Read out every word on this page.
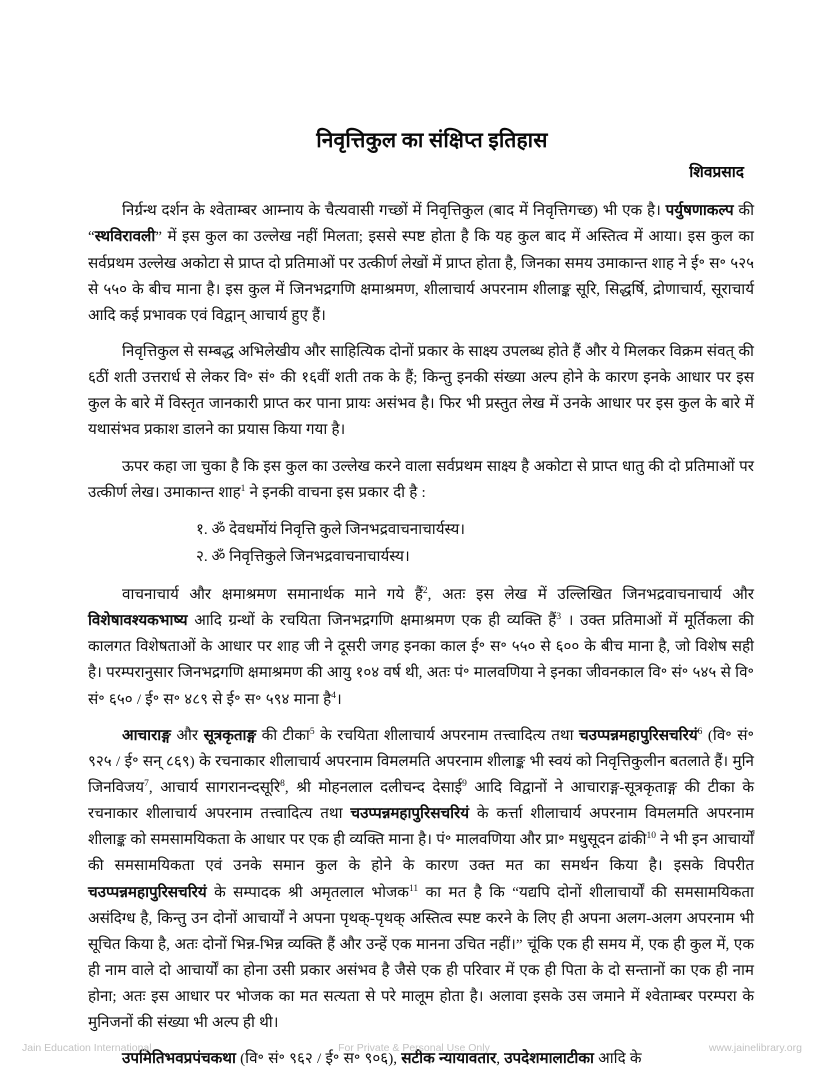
निवृत्तिकुल का संक्षिप्त इतिहास
शिवप्रसाद

निर्ग्रन्थ दर्शन के श्वेताम्बर आम्नाय के चैत्यवासी गच्छों में निवृत्तिकुल (बाद में निवृत्तिगच्छ) भी एक है। पर्युषणाकल्प की “स्थविरावली” में इस कुल का उल्लेख नहीं मिलता; इससे स्पष्ट होता है कि यह कुल बाद में अस्तित्व में आया। इस कुल का सर्वप्रथम उल्लेख अकोटा से प्राप्त दो प्रतिमाओं पर उत्कीर्ण लेखों में प्राप्त होता है, जिनका समय उमाकान्त शाह ने ई॰ स॰ ५२५ से ५५० के बीच माना है। इस कुल में जिनभद्रगणि क्षमाश्रमण, शीलाचार्य अपरनाम शीलाङ्क सूरि, सिद्धर्षि, द्रोणाचार्य, सूराचार्य आदि कई प्रभावक एवं विद्वान् आचार्य हुए हैं।

निवृत्तिकुल से सम्बद्ध अभिलेखीय और साहित्यिक दोनों प्रकार के साक्ष्य उपलब्ध होते हैं और ये मिलकर विक्रम संवत् की ६ठीं शती उत्तरार्ध से लेकर वि॰ सं॰ की १६वीं शती तक के हैं; किन्तु इनकी संख्या अल्प होने के कारण इनके आधार पर इस कुल के बारे में विस्तृत जानकारी प्राप्त कर पाना प्रायः असंभव है। फिर भी प्रस्तुत लेख में उनके आधार पर इस कुल के बारे में यथासंभव प्रकाश डालने का प्रयास किया गया है।

ऊपर कहा जा चुका है कि इस कुल का उल्लेख करने वाला सर्वप्रथम साक्ष्य है अकोटा से प्राप्त धातु की दो प्रतिमाओं पर उत्कीर्ण लेख। उमाकान्त शाह$^1$ ने इनकी वाचना इस प्रकार दी है :

१. ॐ देवधर्मोयं निवृत्ति कुले जिनभद्रवाचनाचार्यस्य।
२. ॐ निवृत्तिकुले जिनभद्रवाचनाचार्यस्य।

वाचनाचार्य और क्षमाश्रमण समानार्थक माने गये हैं$^2$, अतः इस लेख में उल्लिखित जिनभद्रवाचनाचार्य और विशेषावश्यकभाष्य आदि ग्रन्थों के रचयिता जिनभद्रगणि क्षमाश्रमण एक ही व्यक्ति हैं$^3$ । उक्त प्रतिमाओं में मूर्तिकला की कालगत विशेषताओं के आधार पर शाह जी ने दूसरी जगह इनका काल ई॰ स॰ ५५० से ६०० के बीच माना है, जो विशेष सही है। परम्परानुसार जिनभद्रगणि क्षमाश्रमण की आयु १०४ वर्ष थी, अतः पं॰ मालवणिया ने इनका जीवनकाल वि॰ सं॰ ५४५ से वि॰ सं॰ ६५० / ई॰ स॰ ४८९ से ई॰ स॰ ५९४ माना है$^4$।

आचाराङ्ग और सूत्रकृताङ्ग की टीका$^5$ के रचयिता शीलाचार्य अपरनाम तत्त्वादित्य तथा चउप्पन्नमहापुरिसचरियं$^6$ (वि॰ सं॰ ९२५ / ई॰ सन् ८६९) के रचनाकार शीलाचार्य अपरनाम विमलमति अपरनाम शीलाङ्क भी स्वयं को निवृत्तिकुलीन बतलाते हैं। मुनि जिनविजय$^7$, आचार्य सागरानन्दसूरि$^8$, श्री मोहनलाल दलीचन्द देसाई$^9$ आदि विद्वानों ने आचाराङ्ग-सूत्रकृताङ्ग की टीका के रचनाकार शीलाचार्य अपरनाम तत्त्वादित्य तथा चउप्पन्नमहापुरिसचरियं के कर्त्ता शीलाचार्य अपरनाम विमलमति अपरनाम शीलाङ्क को समसामयिकता के आधार पर एक ही व्यक्ति माना है। पं॰ मालवणिया और प्रा॰ मधुसूदन ढांकी$^{10}$ ने भी इन आचार्यों की समसामयिकता एवं उनके समान कुल के होने के कारण उक्त मत का समर्थन किया है। इसके विपरीत चउप्पन्नमहापुरिसचरियं के सम्पादक श्री अमृतलाल भोजक$^{11}$ का मत है कि “यद्यपि दोनों शीलाचार्यों की समसामयिकता असंदिग्ध है, किन्तु उन दोनों आचार्यों ने अपना पृथक्-पृथक् अस्तित्व स्पष्ट करने के लिए ही अपना अलग-अलग अपरनाम भी सूचित किया है, अतः दोनों भिन्न-भिन्न व्यक्ति हैं और उन्हें एक मानना उचित नहीं।” चूंकि एक ही समय में, एक ही कुल में, एक ही नाम वाले दो आचार्यों का होना उसी प्रकार असंभव है जैसे एक ही परिवार में एक ही पिता के दो सन्तानों का एक ही नाम होना; अतः इस आधार पर भोजक का मत सत्यता से परे मालूम होता है। अलावा इसके उस जमाने में श्वेताम्बर परम्परा के मुनिजनों की संख्या भी अल्प ही थी।

उपमितिभवप्रपंचकथा (वि॰ सं॰ ९६२ / ई॰ स॰ ९०६), सटीक न्यायावतार, उपदेशमालाटीका आदि के

Jain Education International	For Private & Personal Use Only	www.jainelibrary.org
